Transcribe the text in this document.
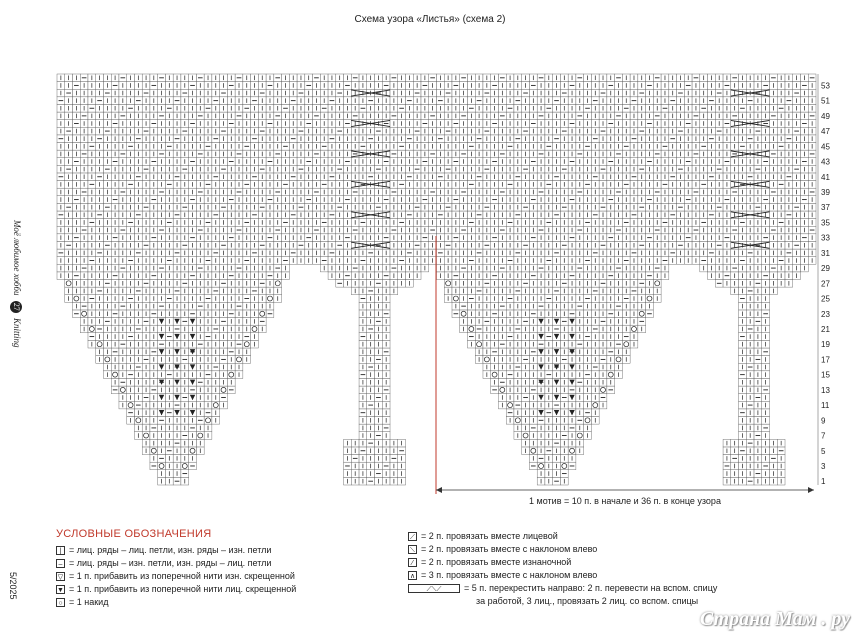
Схема узора «Листья» (схема 2)
Моё любимое хобби 27 Knitting
5/2025
53
51
49
47
45
43
41
39
37
35
33
31
29
27
25
23
21
19
17
15
13
11
9
7
5
3
1
1 мотив = 10 п. в начале и 36 п. в конце узора
УСЛОВНЫЕ ОБОЗНАЧЕНИЯ
| = лиц. ряды – лиц. петли, изн. ряды – изн. петли
– = лиц. ряды – изн. петли, изн. ряды – лиц. петли
▽ = 1 п. прибавить из поперечной нити изн. скрещенной
▼ = 1 п. прибавить из поперечной нити лиц. скрещенной
○ = 1 накид
⟋ = 2 п. провязать вместе лицевой
⟍ = 2 п. провязать вместе с наклоном влево
⁄ = 2 п. провязать вместе изнаночной
∧ = 3 п. провязать вместе с наклоном влево
⟋⟍⟋	= 5 п. перекрестить направо: 2 п. перевести на вспом. спицу
за работой, 3 лиц., провязать 2 лиц. со вспом. спицы
Страна Мам . ру
